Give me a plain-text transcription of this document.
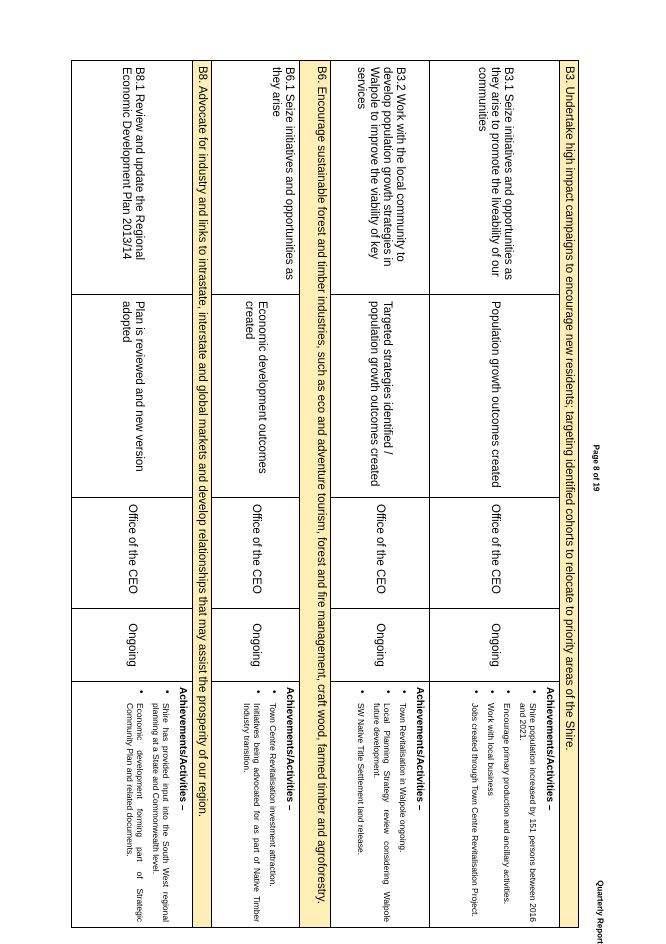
B3. Undertake high impact campaigns to encourage new residents; targeting identified cohorts to relocate to priority areas of the Shire.
B3.1 Seize initiatives and opportunities as they arise to promote the liveability of our communities
Population growth outcomes created
Office of the CEO
Ongoing
Achievements/Activities –
• Shire population increased by 151 persons between 2016 and 2021.
• Encourage primary production and ancillary activities.
• Work with local business
• Jobs created through Town Centre Revitalisation Project.
B3.2 Work with the local community to develop population growth strategies in Walpole to improve the viability of key services
Targeted strategies identified / population growth outcomes created
Office of the CEO
Ongoing
Achievements/Activities –
• Town Revitalisation in Walpole ongoing.
• Local Planning Strategy review considering Walpole future development.
• SW Native Title Settlement land release.
B6. Encourage sustainable forest and timber industries, such as eco and adventure tourism, forest and fire management, craft wood, farmed timber and agroforestry.
B6.1 Seize initiatives and opportunities as they arise
Economic development outcomes created
Office of the CEO
Ongoing
Achievements/Activities –
• Town Centre Revitalisation investment attraction.
• Initiatives being advocated for as part of Native Timber Industry transition.
B8. Advocate for industry and links to intrastate, interstate and global markets and develop relationships that may assist the prosperity of our region.
B8.1 Review and update the Regional Economic Development Plan 2013/14
Plan is reviewed and new version adopted
Office of the CEO
Ongoing
Achievements/Activities –
• Shire has provided input into the South West regional planning at a State and Commonwealth level.
• Economic development forming part of Strategic Community Plan and related documents.
Page 8 of 19
Quarterly Report
